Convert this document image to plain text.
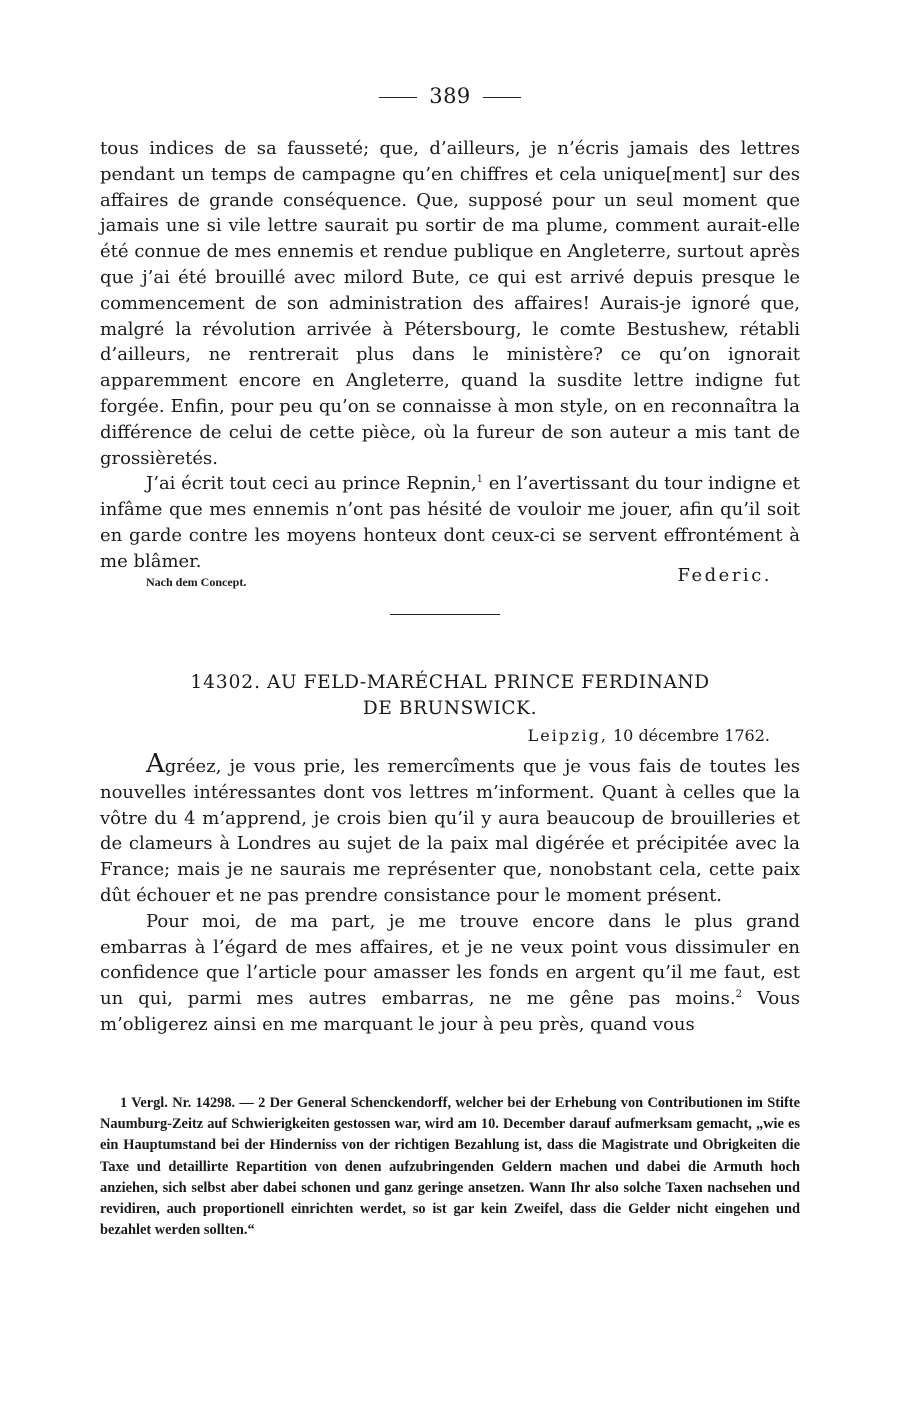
389

tous indices de sa fausseté; que, d’ailleurs, je n’écris jamais des lettres pendant un temps de campagne qu’en chiffres et cela unique[ment] sur des affaires de grande conséquence. Que, supposé pour un seul moment que jamais une si vile lettre saurait pu sortir de ma plume, comment aurait-elle été connue de mes ennemis et rendue publique en Angleterre, surtout après que j’ai été brouillé avec milord Bute, ce qui est arrivé depuis presque le commencement de son administration des affaires! Aurais-je ignoré que, malgré la révolution arrivée à Pétersbourg, le comte Bestushew, rétabli d’ailleurs, ne rentrerait plus dans le ministère? ce qu’on ignorait apparemment encore en Angleterre, quand la susdite lettre indigne fut forgée. Enfin, pour peu qu’on se connaisse à mon style, on en reconnaîtra la différence de celui de cette pièce, où la fureur de son auteur a mis tant de grossièretés.

J’ai écrit tout ceci au prince Repnin,$^1$ en l’avertissant du tour indigne et infâme que mes ennemis n’ont pas hésité de vouloir me jouer, afin qu’il soit en garde contre les moyens honteux dont ceux-ci se servent effrontément à me blâmer.

Nach dem Concept.	Federic.
14302. AU FELD-MARÉCHAL PRINCE FERDINAND
DE BRUNSWICK.
Leipzig, 10 décembre 1762.

Agréez, je vous prie, les remercîments que je vous fais de toutes les nouvelles intéressantes dont vos lettres m’informent. Quant à celles que la vôtre du 4 m’apprend, je crois bien qu’il y aura beaucoup de brouilleries et de clameurs à Londres au sujet de la paix mal digérée et précipitée avec la France; mais je ne saurais me représenter que, nonobstant cela, cette paix dût échouer et ne pas prendre consistance pour le moment présent.

Pour moi, de ma part, je me trouve encore dans le plus grand embarras à l’égard de mes affaires, et je ne veux point vous dissimuler en confidence que l’article pour amasser les fonds en argent qu’il me faut, est un qui, parmi mes autres embarras, ne me gêne pas moins.$^2$ Vous m’obligerez ainsi en me marquant le jour à peu près, quand vous

1 Vergl. Nr. 14298. — 2 Der General Schenckendorff, welcher bei der Erhebung von Contributionen im Stifte Naumburg-Zeitz auf Schwierigkeiten gestossen war, wird am 10. December darauf aufmerksam gemacht, „wie es ein Hauptumstand bei der Hinderniss von der richtigen Bezahlung ist, dass die Magistrate und Obrigkeiten die Taxe und detaillirte Repartition von denen aufzubringenden Geldern machen und dabei die Armuth hoch anziehen, sich selbst aber dabei schonen und ganz geringe ansetzen. Wann Ihr also solche Taxen nachsehen und revidiren, auch proportionell einrichten werdet, so ist gar kein Zweifel, dass die Gelder nicht eingehen und bezahlet werden sollten.“
